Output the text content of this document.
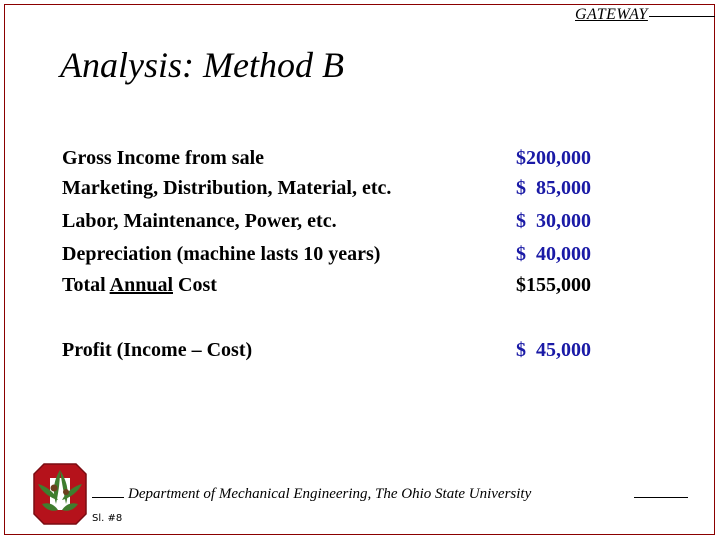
GATEWAY
Analysis: Method B
Gross Income from sale
Marketing, Distribution, Material, etc.
Labor, Maintenance, Power, etc.
Depreciation (machine lasts 10 years)
Total Annual Cost
$200,000
$  85,000
$  30,000
$  40,000
$155,000
Profit (Income – Cost)	$  45,000
Department of Mechanical Engineering, The Ohio State University
Sl. #8
